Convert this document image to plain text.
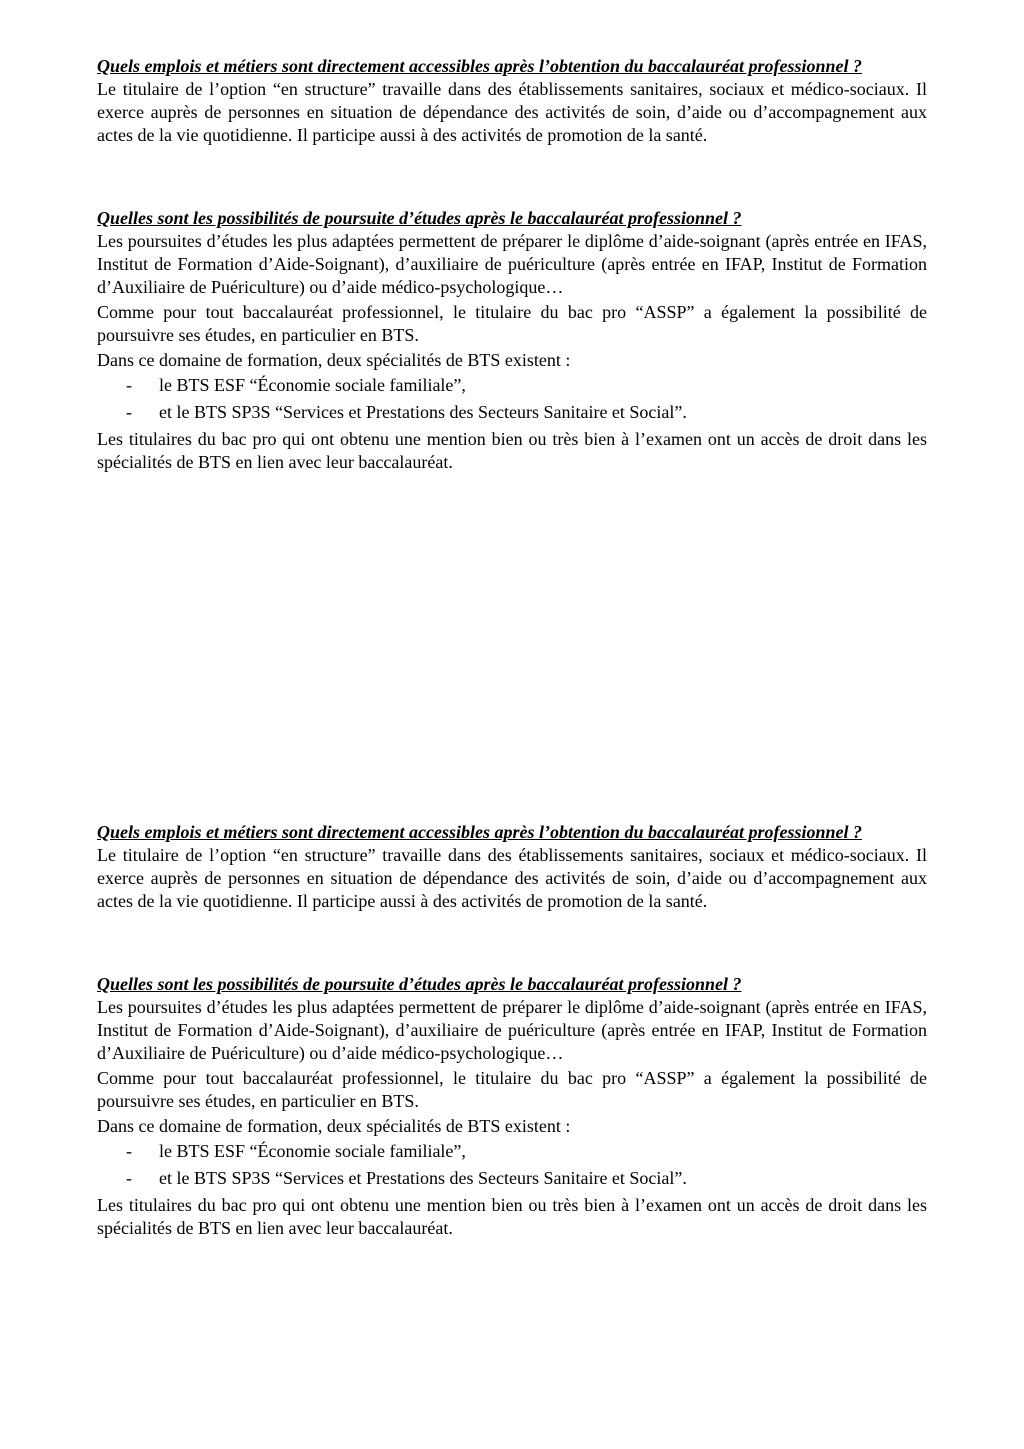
Quels emplois et métiers sont directement accessibles après l’obtention du baccalauréat professionnel ?

Le titulaire de l’option “en structure” travaille dans des établissements sanitaires, sociaux et médico-sociaux. Il exerce auprès de personnes en situation de dépendance des activités de soin, d’aide ou d’accompagnement aux actes de la vie quotidienne. Il participe aussi à des activités de promotion de la santé.

Quelles sont les possibilités de poursuite d’études après le baccalauréat professionnel ?

Les poursuites d’études les plus adaptées permettent de préparer le diplôme d’aide-soignant (après entrée en IFAS, Institut de Formation d’Aide-Soignant), d’auxiliaire de puériculture (après entrée en IFAP, Institut de Formation d’Auxiliaire de Puériculture) ou d’aide médico-psychologique…

Comme pour tout baccalauréat professionnel, le titulaire du bac pro “ASSP” a également la possibilité de poursuivre ses études, en particulier en BTS.

Dans ce domaine de formation, deux spécialités de BTS existent :

- le BTS ESF “Économie sociale familiale”,
- et le BTS SP3S “Services et Prestations des Secteurs Sanitaire et Social”.

Les titulaires du bac pro qui ont obtenu une mention bien ou très bien à l’examen ont un accès de droit dans les spécialités de BTS en lien avec leur baccalauréat.

Quels emplois et métiers sont directement accessibles après l’obtention du baccalauréat professionnel ?

Le titulaire de l’option “en structure” travaille dans des établissements sanitaires, sociaux et médico-sociaux. Il exerce auprès de personnes en situation de dépendance des activités de soin, d’aide ou d’accompagnement aux actes de la vie quotidienne. Il participe aussi à des activités de promotion de la santé.

Quelles sont les possibilités de poursuite d’études après le baccalauréat professionnel ?

Les poursuites d’études les plus adaptées permettent de préparer le diplôme d’aide-soignant (après entrée en IFAS, Institut de Formation d’Aide-Soignant), d’auxiliaire de puériculture (après entrée en IFAP, Institut de Formation d’Auxiliaire de Puériculture) ou d’aide médico-psychologique…

Comme pour tout baccalauréat professionnel, le titulaire du bac pro “ASSP” a également la possibilité de poursuivre ses études, en particulier en BTS.

Dans ce domaine de formation, deux spécialités de BTS existent :

- le BTS ESF “Économie sociale familiale”,
- et le BTS SP3S “Services et Prestations des Secteurs Sanitaire et Social”.

Les titulaires du bac pro qui ont obtenu une mention bien ou très bien à l’examen ont un accès de droit dans les spécialités de BTS en lien avec leur baccalauréat.
